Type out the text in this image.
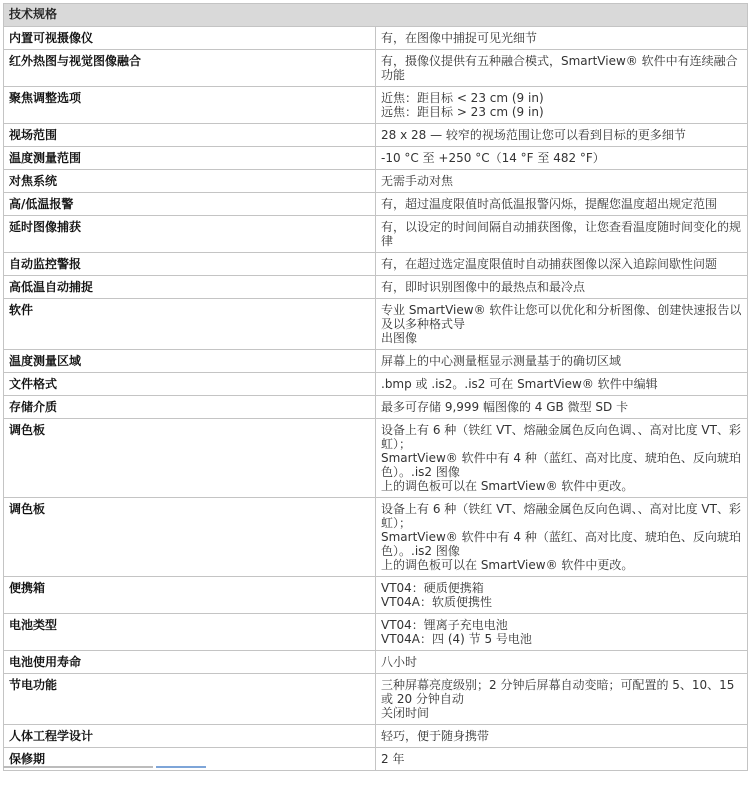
技术规格	
内置可视摄像仪	有，在图像中捕捉可见光细节

红外热图与视觉图像融合	有，摄像仪提供有五种融合模式，SmartView® 软件中有连续融合功能

聚焦调整选项	近焦：距目标 < 23 cm (9 in)
远焦：距目标 > 23 cm (9 in)

视场范围	28 x 28 — 较窄的视场范围让您可以看到目标的更多细节

温度测量范围	-10 °C 至 +250 °C（14 °F 至 482 °F）

对焦系统	无需手动对焦

高/低温报警	有，超过温度限值时高低温报警闪烁，提醒您温度超出规定范围

延时图像捕获	有，以设定的时间间隔自动捕获图像，让您查看温度随时间变化的规律

自动监控警报	有，在超过选定温度限值时自动捕获图像以深入追踪间歇性问题

高低温自动捕捉	有，即时识别图像中的最热点和最冷点

软件	专业 SmartView® 软件让您可以优化和分析图像、创建快速报告以及以多种格式导
出图像

温度测量区域	屏幕上的中心测量框显示测量基于的确切区域

文件格式	.bmp 或 .is2。.is2 可在 SmartView® 软件中编辑

存储介质	最多可存储 9,999 幅图像的 4 GB 微型 SD 卡

调色板	设备上有 6 种（铁红 VT、熔融金属色反向色调、、高对比度 VT、彩虹）；
SmartView® 软件中有 4 种（蓝红、高对比度、琥珀色、反向琥珀色）。.is2 图像
上的调色板可以在 SmartView® 软件中更改。

调色板	设备上有 6 种（铁红 VT、熔融金属色反向色调、、高对比度 VT、彩虹）；
SmartView® 软件中有 4 种（蓝红、高对比度、琥珀色、反向琥珀色）。.is2 图像
上的调色板可以在 SmartView® 软件中更改。

便携箱	VT04：硬质便携箱
VT04A：软质便携性

电池类型	VT04：锂离子充电电池
VT04A：四 (4) 节 5 号电池

电池使用寿命	八小时

节电功能	三种屏幕亮度级别；2 分钟后屏幕自动变暗；可配置的 5、10、15 或 20 分钟自动
关闭时间

人体工程学设计	轻巧，便于随身携带

保修期	2 年
